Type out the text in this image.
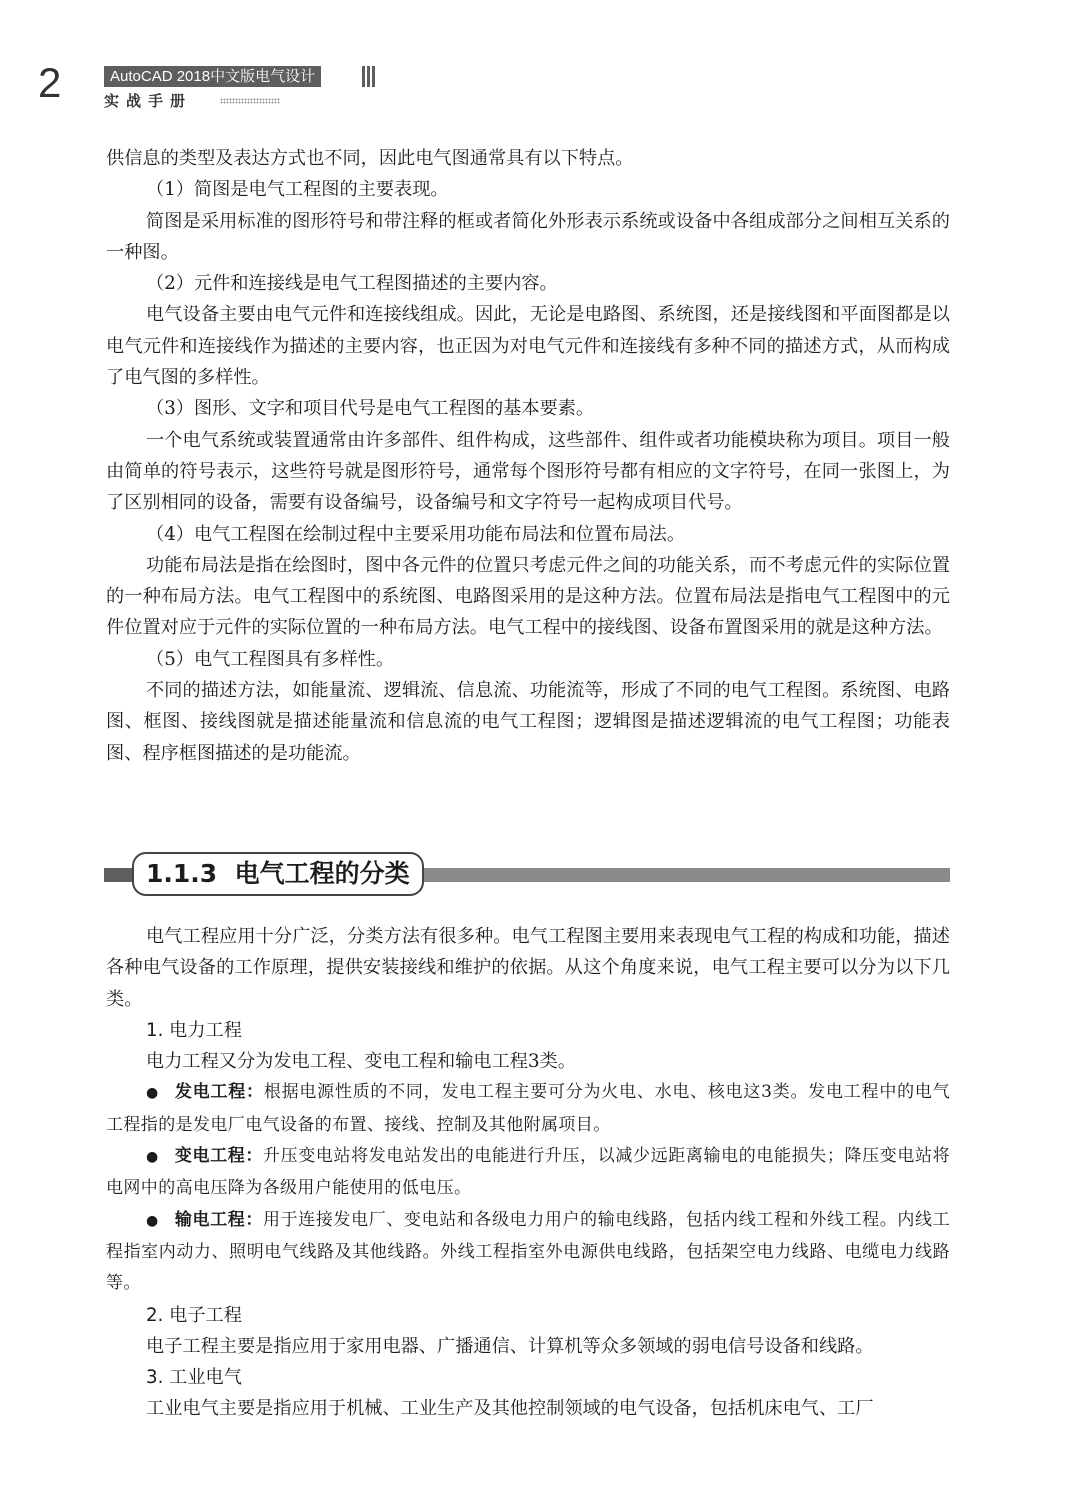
2	AutoCAD 2018中文版电气设计
实战手册

供信息的类型及表达方式也不同，因此电气图通常具有以下特点。

（1）简图是电气工程图的主要表现。

简图是采用标准的图形符号和带注释的框或者简化外形表示系统或设备中各组成部分之间相互关系的一种图。

（2）元件和连接线是电气工程图描述的主要内容。

电气设备主要由电气元件和连接线组成。因此，无论是电路图、系统图，还是接线图和平面图都是以电气元件和连接线作为描述的主要内容，也正因为对电气元件和连接线有多种不同的描述方式，从而构成了电气图的多样性。

（3）图形、文字和项目代号是电气工程图的基本要素。

一个电气系统或装置通常由许多部件、组件构成，这些部件、组件或者功能模块称为项目。项目一般由简单的符号表示，这些符号就是图形符号，通常每个图形符号都有相应的文字符号，在同一张图上，为了区别相同的设备，需要有设备编号，设备编号和文字符号一起构成项目代号。

（4）电气工程图在绘制过程中主要采用功能布局法和位置布局法。

功能布局法是指在绘图时，图中各元件的位置只考虑元件之间的功能关系，而不考虑元件的实际位置的一种布局方法。电气工程图中的系统图、电路图采用的是这种方法。位置布局法是指电气工程图中的元件位置对应于元件的实际位置的一种布局方法。电气工程中的接线图、设备布置图采用的就是这种方法。

（5）电气工程图具有多样性。

不同的描述方法，如能量流、逻辑流、信息流、功能流等，形成了不同的电气工程图。系统图、电路图、框图、接线图就是描述能量流和信息流的电气工程图；逻辑图是描述逻辑流的电气工程图；功能表图、程序框图描述的是功能流。

1.1.3 电气工程的分类

电气工程应用十分广泛，分类方法有很多种。电气工程图主要用来表现电气工程的构成和功能，描述各种电气设备的工作原理，提供安装接线和维护的依据。从这个角度来说，电气工程主要可以分为以下几类。

1. 电力工程

电力工程又分为发电工程、变电工程和输电工程3类。

● 发电工程：根据电源性质的不同，发电工程主要可分为火电、水电、核电这3类。发电工程中的电气工程指的是发电厂电气设备的布置、接线、控制及其他附属项目。

● 变电工程：升压变电站将发电站发出的电能进行升压，以减少远距离输电的电能损失；降压变电站将电网中的高电压降为各级用户能使用的低电压。

● 输电工程：用于连接发电厂、变电站和各级电力用户的输电线路，包括内线工程和外线工程。内线工程指室内动力、照明电气线路及其他线路。外线工程指室外电源供电线路，包括架空电力线路、电缆电力线路等。

2. 电子工程

电子工程主要是指应用于家用电器、广播通信、计算机等众多领域的弱电信号设备和线路。

3. 工业电气

工业电气主要是指应用于机械、工业生产及其他控制领域的电气设备，包括机床电气、工厂
